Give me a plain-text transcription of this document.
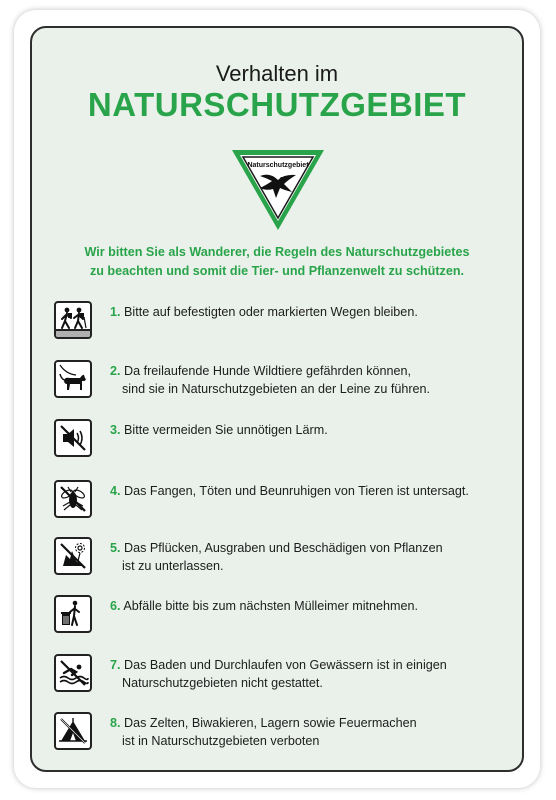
Verhalten im
NATURSCHUTZGEBIET
Naturschutzgebiet
Wir bitten Sie als Wanderer, die Regeln des Naturschutzgebietes
zu beachten und somit die Tier- und Pflanzenwelt zu schützen.
1. Bitte auf befestigten oder markierten Wegen bleiben.
2. Da freilaufende Hunde Wildtiere gefährden können,
sind sie in Naturschutzgebieten an der Leine zu führen.
3. Bitte vermeiden Sie unnötigen Lärm.
4. Das Fangen, Töten und Beunruhigen von Tieren ist untersagt.
5. Das Pflücken, Ausgraben und Beschädigen von Pflanzen
ist zu unterlassen.
6. Abfälle bitte bis zum nächsten Mülleimer mitnehmen.
7. Das Baden und Durchlaufen von Gewässern ist in einigen
Naturschutzgebieten nicht gestattet.
8. Das Zelten, Biwakieren, Lagern sowie Feuermachen
ist in Naturschutzgebieten verboten
